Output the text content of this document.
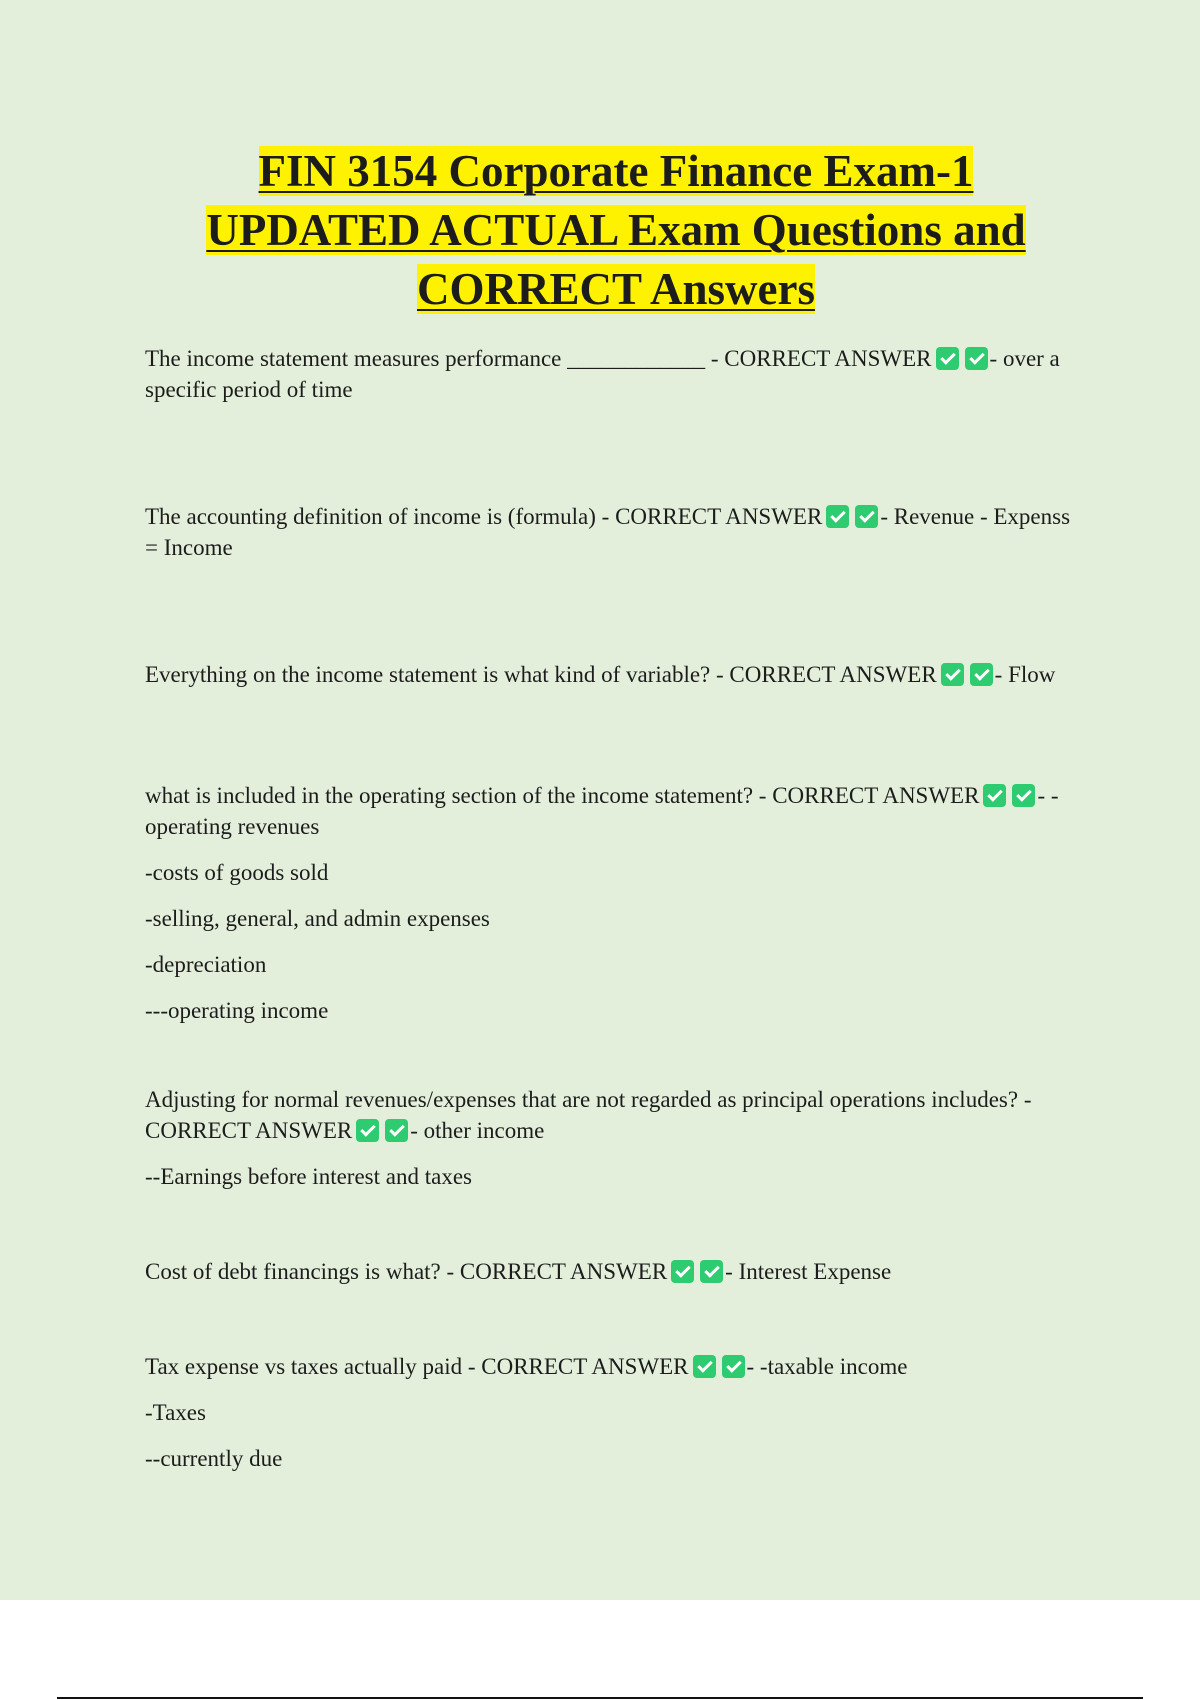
FIN 3154 Corporate Finance Exam-1
UPDATED ACTUAL Exam Questions and
CORRECT Answers

The income statement measures performance ____________ - CORRECT ANSWER	- over a specific period of time

The accounting definition of income is (formula) - CORRECT ANSWER	- Revenue - Expenss = Income

Everything on the income statement is what kind of variable? - CORRECT ANSWER	- Flow

what is included in the operating section of the income statement? - CORRECT ANSWER	- -operating revenues

-costs of goods sold

-selling, general, and admin expenses

-depreciation

---operating income

Adjusting for normal revenues/expenses that are not regarded as principal operations includes? - CORRECT ANSWER	- other income

--Earnings before interest and taxes

Cost of debt financings is what? - CORRECT ANSWER	- Interest Expense

Tax expense vs taxes actually paid - CORRECT ANSWER	- -taxable income

-Taxes

--currently due
